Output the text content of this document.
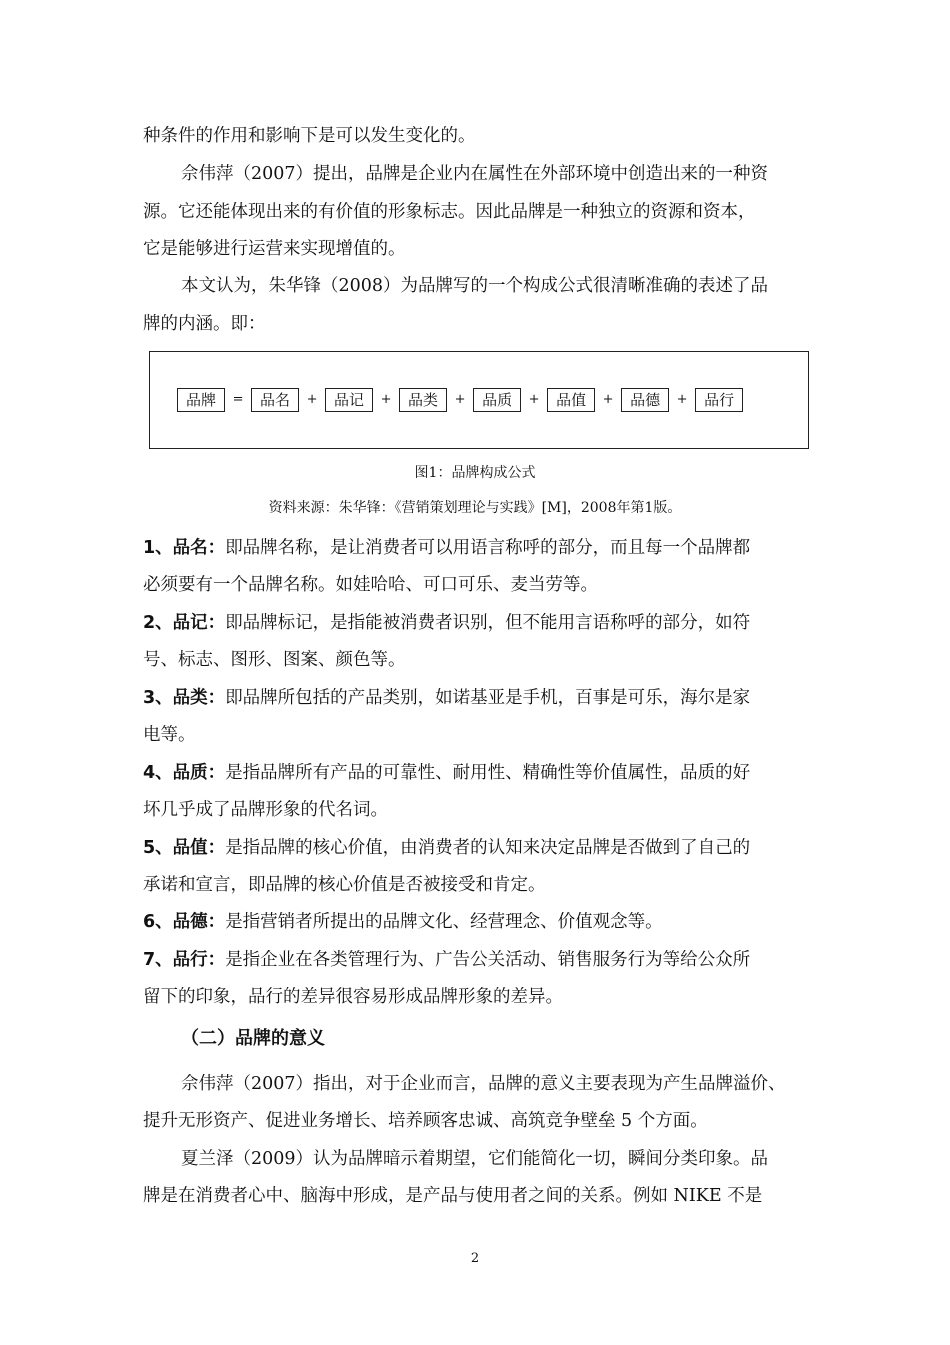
种条件的作用和影响下是可以发生变化的。

佘伟萍（2007）提出，品牌是企业内在属性在外部环境中创造出来的一种资

源。它还能体现出来的有价值的形象标志。因此品牌是一种独立的资源和资本，

它是能够进行运营来实现增值的。

本文认为，朱华锋（2008）为品牌写的一个构成公式很清晰准确的表述了品

牌的内涵。即：

品牌	=	品名	+	品记	+	品类	+	品质	+	品值	+	品德	+	品行

图1：品牌构成公式

资料来源：朱华锋：《营销策划理论与实践》[M]，2008年第1版。

1、品名：即品牌名称，是让消费者可以用语言称呼的部分，而且每一个品牌都

必须要有一个品牌名称。如娃哈哈、可口可乐、麦当劳等。

2、品记：即品牌标记，是指能被消费者识别，但不能用言语称呼的部分，如符

号、标志、图形、图案、颜色等。

3、品类：即品牌所包括的产品类别，如诺基亚是手机，百事是可乐，海尔是家

电等。

4、品质：是指品牌所有产品的可靠性、耐用性、精确性等价值属性，品质的好

坏几乎成了品牌形象的代名词。

5、品值：是指品牌的核心价值，由消费者的认知来决定品牌是否做到了自己的

承诺和宣言，即品牌的核心价值是否被接受和肯定。

6、品德：是指营销者所提出的品牌文化、经营理念、价值观念等。

7、品行：是指企业在各类管理行为、广告公关活动、销售服务行为等给公众所

留下的印象，品行的差异很容易形成品牌形象的差异。

（二）品牌的意义

佘伟萍（2007）指出，对于企业而言，品牌的意义主要表现为产生品牌溢价、

提升无形资产、促进业务增长、培养顾客忠诚、高筑竞争壁垒 5 个方面。

夏兰泽（2009）认为品牌暗示着期望，它们能简化一切，瞬间分类印象。品

牌是在消费者心中、脑海中形成，是产品与使用者之间的关系。例如 NIKE 不是

2
